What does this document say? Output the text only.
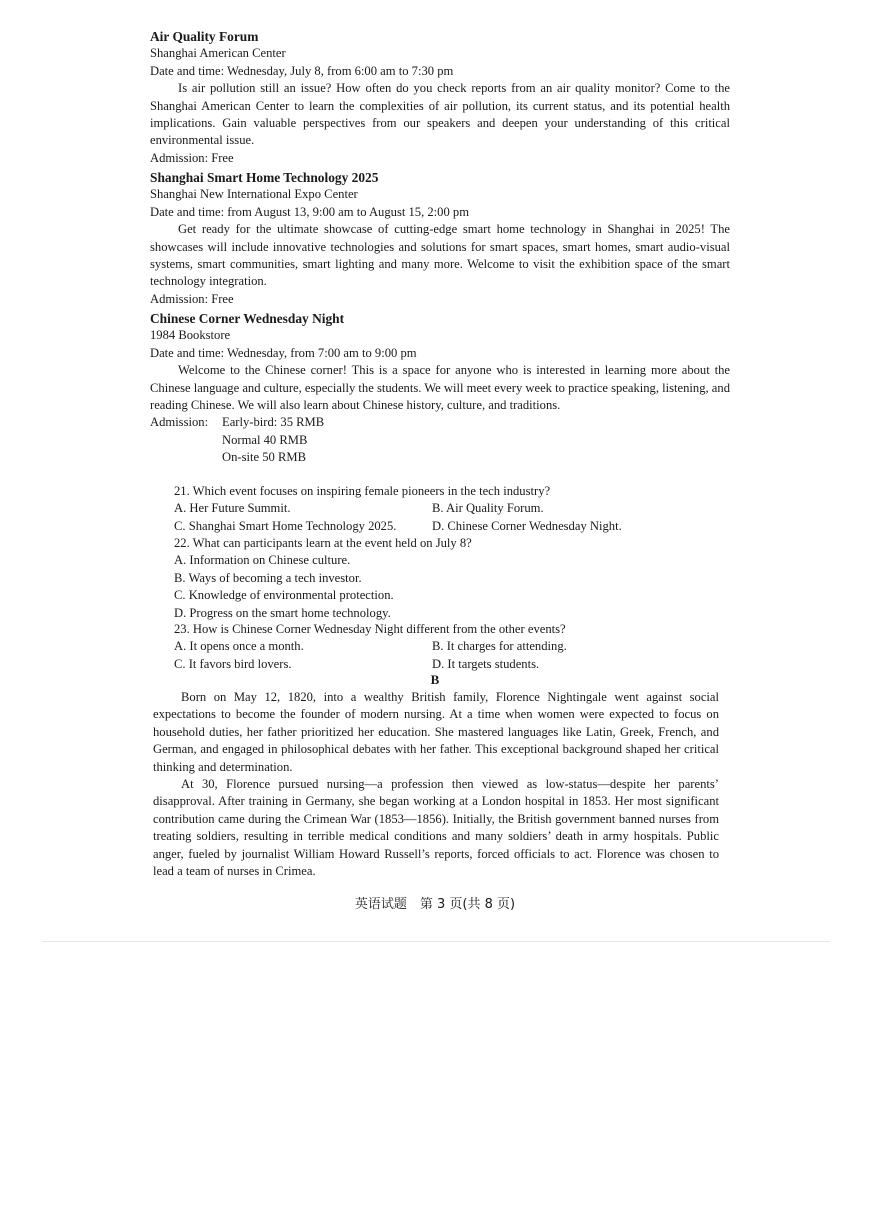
Air Quality Forum

Shanghai American Center

Date and time: Wednesday, July 8, from 6:00 am to 7:30 pm

Is air pollution still an issue? How often do you check reports from an air quality monitor? Come to the Shanghai American Center to learn the complexities of air pollution, its current status, and its potential health implications. Gain valuable perspectives from our speakers and deepen your understanding of this critical environmental issue.

Admission: Free

Shanghai Smart Home Technology 2025

Shanghai New International Expo Center

Date and time: from August 13, 9:00 am to August 15, 2:00 pm

Get ready for the ultimate showcase of cutting-edge smart home technology in Shanghai in 2025! The showcases will include innovative technologies and solutions for smart spaces, smart homes, smart audio-visual systems, smart communities, smart lighting and many more. Welcome to visit the exhibition space of the smart technology integration.

Admission: Free

Chinese Corner Wednesday Night

1984 Bookstore

Date and time: Wednesday, from 7:00 am to 9:00 pm

Welcome to the Chinese corner! This is a space for anyone who is interested in learning more about the Chinese language and culture, especially the students. We will meet every week to practice speaking, listening, and reading Chinese. We will also learn about Chinese history, culture, and traditions.

Admission:	Early-bird: 35 RMB

Normal 40 RMB

On-site 50 RMB

21. Which event focuses on inspiring female pioneers in the tech industry?

A. Her Future Summit.	B. Air Quality Forum.
C. Shanghai Smart Home Technology 2025.	D. Chinese Corner Wednesday Night.

22. What can participants learn at the event held on July 8?

A. Information on Chinese culture.

B. Ways of becoming a tech investor.

C. Knowledge of environmental protection.

D. Progress on the smart home technology.

23. How is Chinese Corner Wednesday Night different from the other events?

A. It opens once a month.	B. It charges for attending.
C. It favors bird lovers.	D. It targets students.
B

Born on May 12, 1820, into a wealthy British family, Florence Nightingale went against social expectations to become the founder of modern nursing. At a time when women were expected to focus on household duties, her father prioritized her education. She mastered languages like Latin, Greek, French, and German, and engaged in philosophical debates with her father. This exceptional background shaped her critical thinking and determination.

At 30, Florence pursued nursing—a profession then viewed as low-status—despite her parents’ disapproval. After training in Germany, she began working at a London hospital in 1853. Her most significant contribution came during the Crimean War (1853—1856). Initially, the British government banned nurses from treating soldiers, resulting in terrible medical conditions and many soldiers’ death in army hospitals. Public anger, fueled by journalist William Howard Russell’s reports, forced officials to act. Florence was chosen to lead a team of nurses in Crimea.

英语试题　第 3 页(共 8 页)
